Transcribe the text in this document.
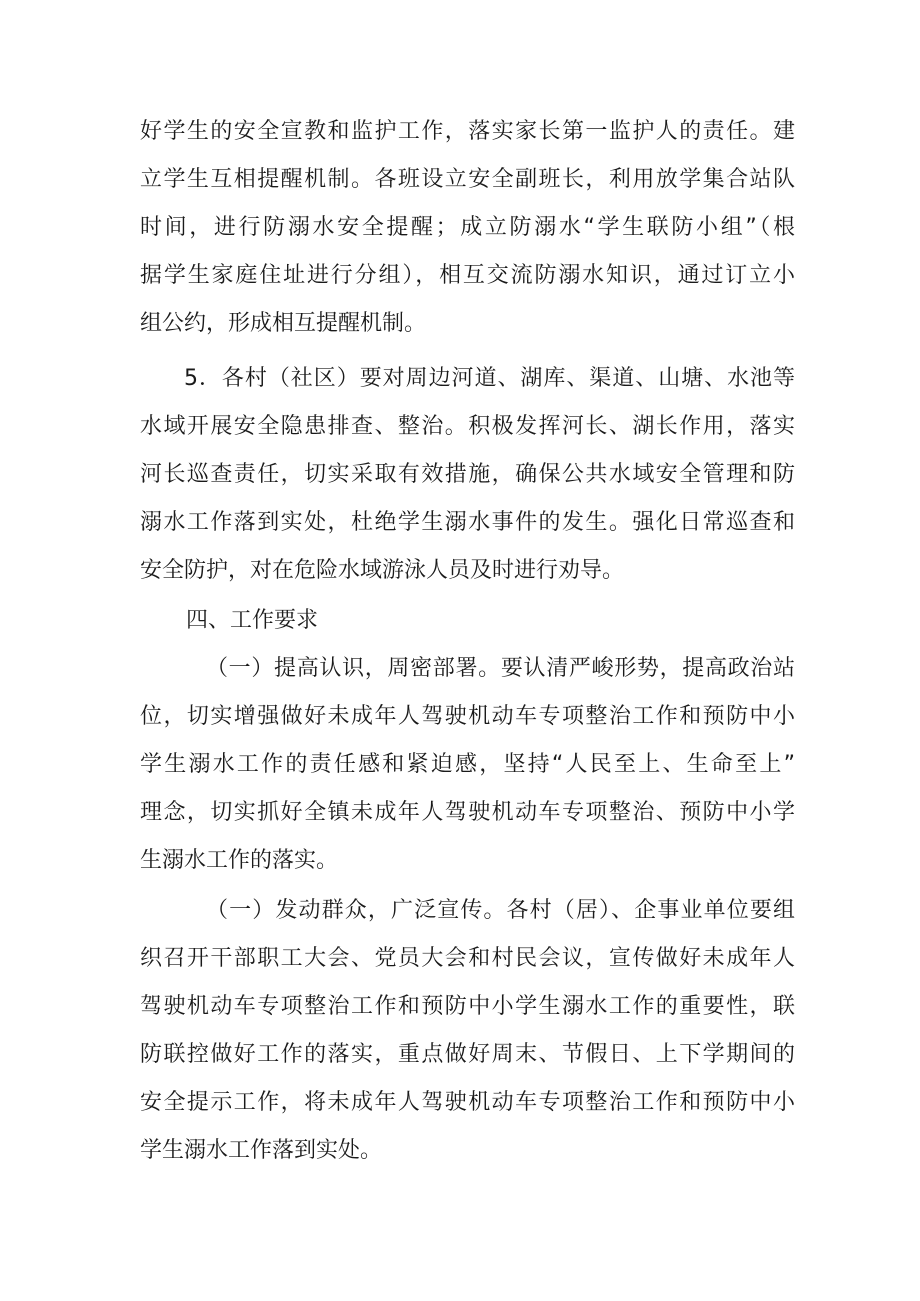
好学生的安全宣教和监护工作，落实家长第一监护人的责任。建
立学生互相提醒机制。各班设立安全副班长，利用放学集合站队
时间，进行防溺水安全提醒；成立防溺水“学生联防小组”（根
据学生家庭住址进行分组），相互交流防溺水知识，通过订立小
组公约，形成相互提醒机制。
5．各村（社区）要对周边河道、湖库、渠道、山塘、水池等
水域开展安全隐患排查、整治。积极发挥河长、湖长作用，落实
河长巡查责任，切实采取有效措施，确保公共水域安全管理和防
溺水工作落到实处，杜绝学生溺水事件的发生。强化日常巡查和
安全防护，对在危险水域游泳人员及时进行劝导。
四、工作要求
（一）提高认识，周密部署。要认清严峻形势，提高政治站
位，切实增强做好未成年人驾驶机动车专项整治工作和预防中小
学生溺水工作的责任感和紧迫感，坚持“人民至上、生命至上”
理念，切实抓好全镇未成年人驾驶机动车专项整治、预防中小学
生溺水工作的落实。
（一）发动群众，广泛宣传。各村（居）、企事业单位要组
织召开干部职工大会、党员大会和村民会议，宣传做好未成年人
驾驶机动车专项整治工作和预防中小学生溺水工作的重要性，联
防联控做好工作的落实，重点做好周末、节假日、上下学期间的
安全提示工作，将未成年人驾驶机动车专项整治工作和预防中小
学生溺水工作落到实处。
